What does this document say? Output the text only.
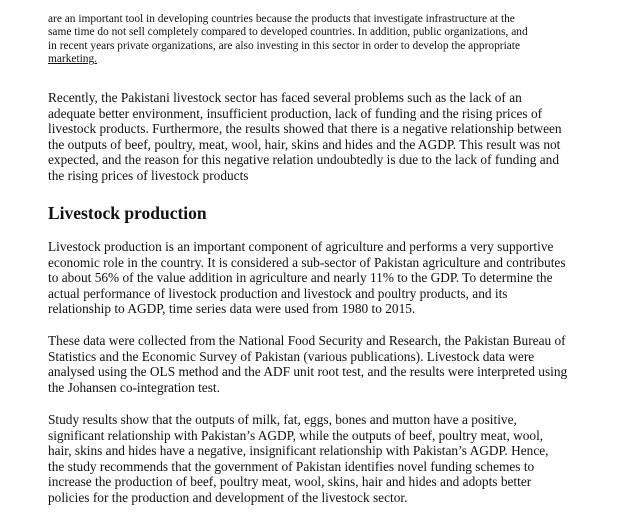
are an important tool in developing countries because the products that investigate infrastructure at the
same time do not sell completely compared to developed countries. In addition, public organizations, and
in recent years private organizations, are also investing in this sector in order to develop the appropriate
marketing.

Recently, the Pakistani livestock sector has faced several problems such as the lack of an
adequate better environment, insufficient production, lack of funding and the rising prices of
livestock products. Furthermore, the results showed that there is a negative relationship between
the outputs of beef, poultry, meat, wool, hair, skins and hides and the AGDP. This result was not
expected, and the reason for this negative relation undoubtedly is due to the lack of funding and
the rising prices of livestock products

Livestock production

Livestock production is an important component of agriculture and performs a very supportive
economic role in the country. It is considered a sub-sector of Pakistan agriculture and contributes
to about 56% of the value addition in agriculture and nearly 11% to the GDP. To determine the
actual performance of livestock production and livestock and poultry products, and its
relationship to AGDP, time series data were used from 1980 to 2015.

These data were collected from the National Food Security and Research, the Pakistan Bureau of
Statistics and the Economic Survey of Pakistan (various publications). Livestock data were
analysed using the OLS method and the ADF unit root test, and the results were interpreted using
the Johansen co-integration test.

Study results show that the outputs of milk, fat, eggs, bones and mutton have a positive,
significant relationship with Pakistan’s AGDP, while the outputs of beef, poultry meat, wool,
hair, skins and hides have a negative, insignificant relationship with Pakistan’s AGDP. Hence,
the study recommends that the government of Pakistan identifies novel funding schemes to
increase the production of beef, poultry meat, wool, skins, hair and hides and adopts better
policies for the production and development of the livestock sector.
